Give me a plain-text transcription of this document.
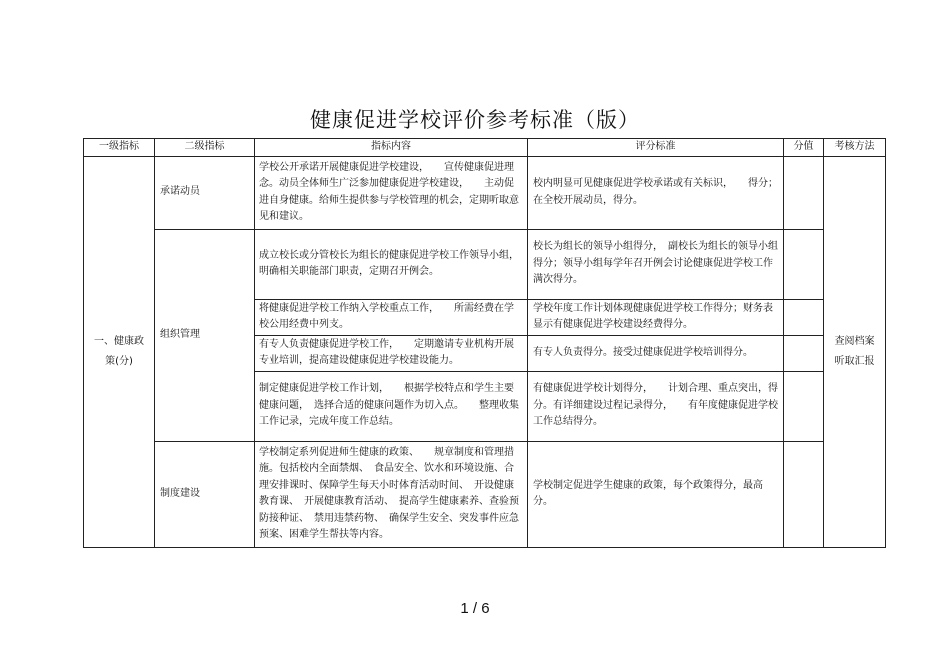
健康促进学校评价参考标准（版）
一级指标	二级指标	指标内容	评分标准	分值	考核方法

一、健康政策(分)	承诺动员	学校公开承诺开展健康促进学校建设，　　宣传健康促进理念。动员全体师生广泛参加健康促进学校建设，　　主动促进自身健康。给师生提供参与学校管理的机会，定期听取意见和建议。	校内明显可见健康促进学校承诺或有关标识，　　得分；在全校开展动员，得分。		查阅档案听取汇报

	组织管理	成立校长或分管校长为组长的健康促进学校工作领导小组，明确相关职能部门职责，定期召开例会。	校长为组长的领导小组得分，　副校长为组长的领导小组得分；领导小组每学年召开例会讨论健康促进学校工作满次得分。		
		将健康促进学校工作纳入学校重点工作，　　所需经费在学校公用经费中列支。	学校年度工作计划体现健康促进学校工作得分；财务表显示有健康促进学校建设经费得分。		
		有专人负责健康促进学校工作，　　定期邀请专业机构开展专业培训，提高建设健康促进学校建设能力。	有专人负责得分。接受过健康促进学校培训得分。		
		制定健康促进学校工作计划，　　根据学校特点和学生主要健康问题，　选择合适的健康问题作为切入点。　　整理收集工作记录，完成年度工作总结。	有健康促进学校计划得分，　　计划合理、重点突出，得分。有详细建设过程记录得分，　　有年度健康促进学校工作总结得分。		
	制度建设	学校制定系列促进师生健康的政策、　　规章制度和管理措施。包括校内全面禁烟、　食品安全、饮水和环境设施、合理安排课时、保障学生每天小时体育活动时间、　开设健康教育课、　开展健康教育活动、　提高学生健康素养、查验预防接种证、　禁用违禁药物、　确保学生安全、突发事件应急预案、困难学生帮扶等内容。	学校制定促进学生健康的政策，每个政策得分，最高分。		

1 / 6
